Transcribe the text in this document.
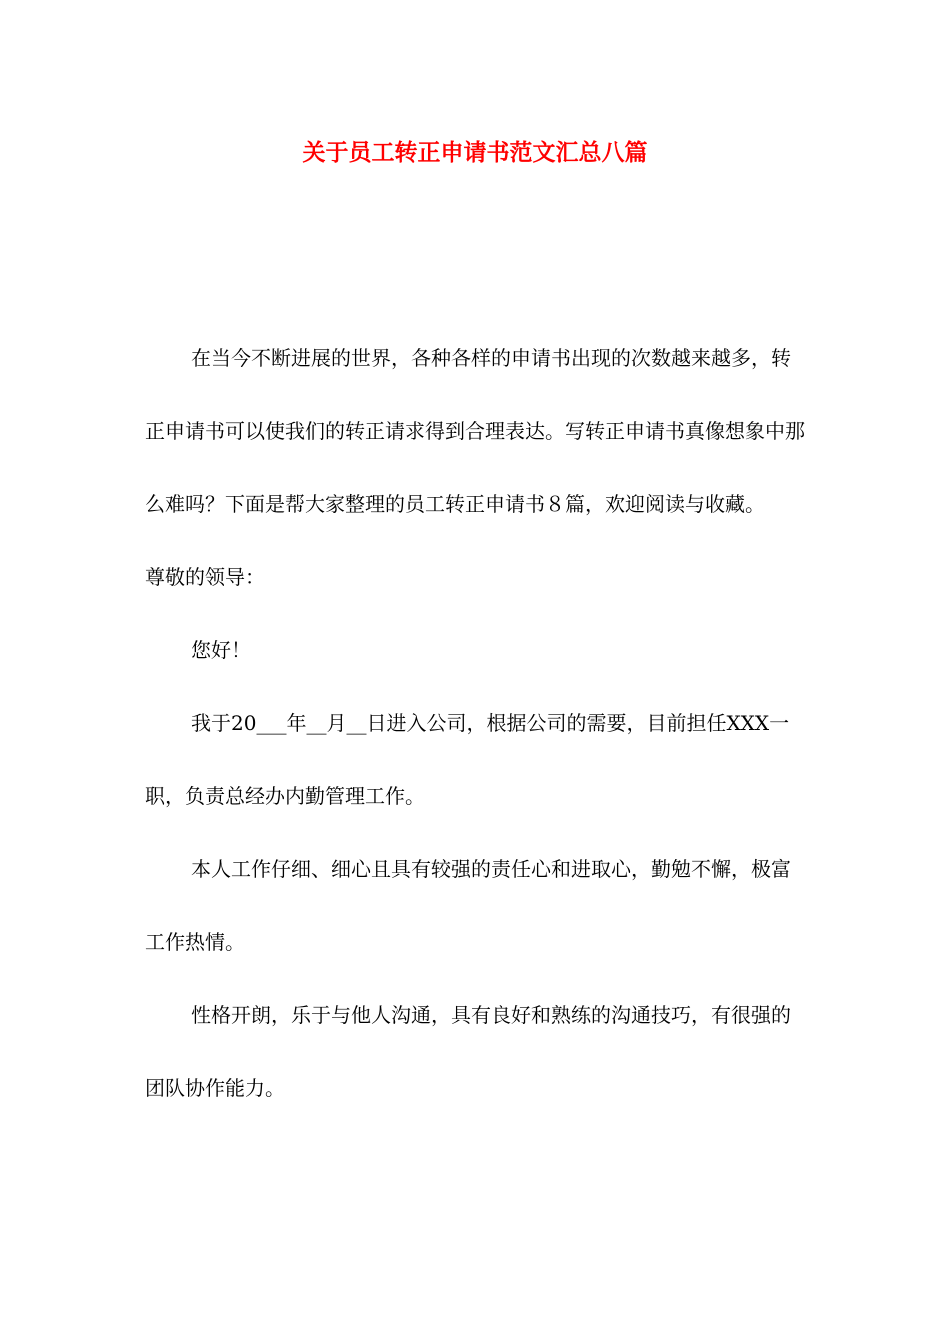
关于员工转正申请书范文汇总八篇

在当今不断进展的世界，各种各样的申请书出现的次数越来越多，转正申请书可以使我们的转正请求得到合理表达。写转正申请书真像想象中那么难吗？下面是帮大家整理的员工转正申请书８篇，欢迎阅读与收藏。

尊敬的领导：

您好！

我于20___年__月__日进入公司，根据公司的需要，目前担任XXX一职，负责总经办内勤管理工作。

本人工作仔细、细心且具有较强的责任心和进取心，勤勉不懈，极富工作热情。

性格开朗，乐于与他人沟通，具有良好和熟练的沟通技巧，有很强的团队协作能力。
